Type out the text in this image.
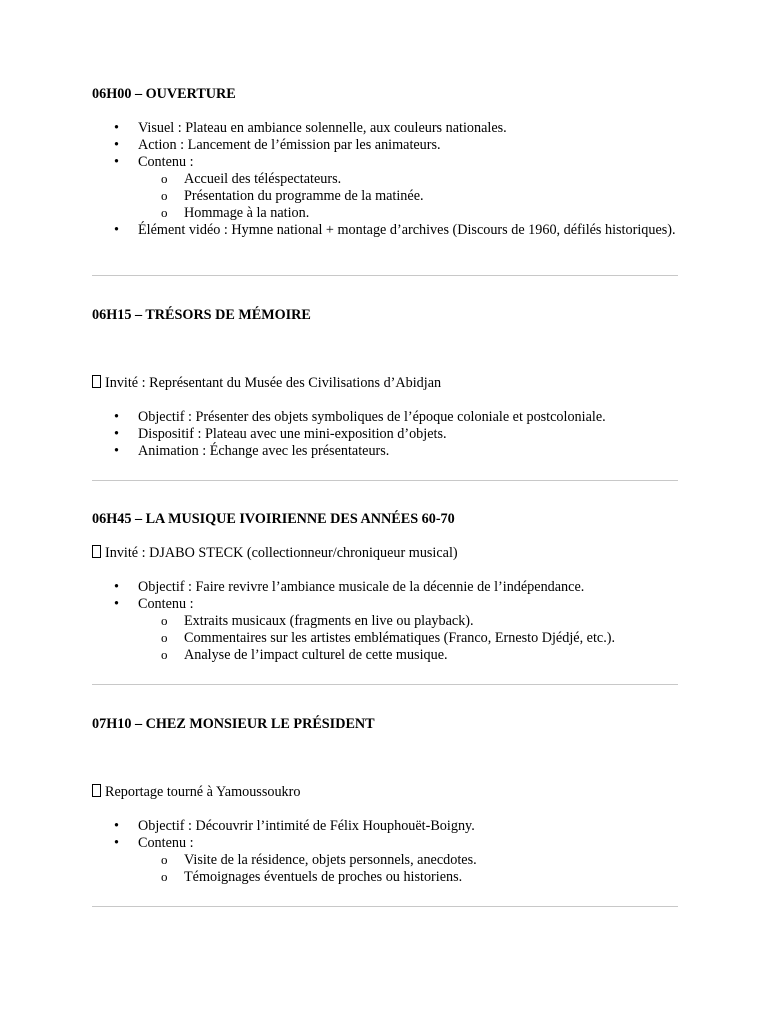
06H00 – OUVERTURE
• Visuel : Plateau en ambiance solennelle, aux couleurs nationales.
• Action : Lancement de l’émission par les animateurs.
• Contenu :
o Accueil des téléspectateurs.
o Présentation du programme de la matinée.
o Hommage à la nation.
• Élément vidéo : Hymne national + montage d’archives (Discours de 1960, défilés historiques).
06H15 – TRÉSORS DE MÉMOIRE

Invité : Représentant du Musée des Civilisations d’Abidjan

• Objectif : Présenter des objets symboliques de l’époque coloniale et postcoloniale.
• Dispositif : Plateau avec une mini-exposition d’objets.
• Animation : Échange avec les présentateurs.
06H45 – LA MUSIQUE IVOIRIENNE DES ANNÉES 60-70

Invité : DJABO STECK (collectionneur/chroniqueur musical)

• Objectif : Faire revivre l’ambiance musicale de la décennie de l’indépendance.
• Contenu :
o Extraits musicaux (fragments en live ou playback).
o Commentaires sur les artistes emblématiques (Franco, Ernesto Djédjé, etc.).
o Analyse de l’impact culturel de cette musique.
07H10 – CHEZ MONSIEUR LE PRÉSIDENT

Reportage tourné à Yamoussoukro

• Objectif : Découvrir l’intimité de Félix Houphouët-Boigny.
• Contenu :
o Visite de la résidence, objets personnels, anecdotes.
o Témoignages éventuels de proches ou historiens.
